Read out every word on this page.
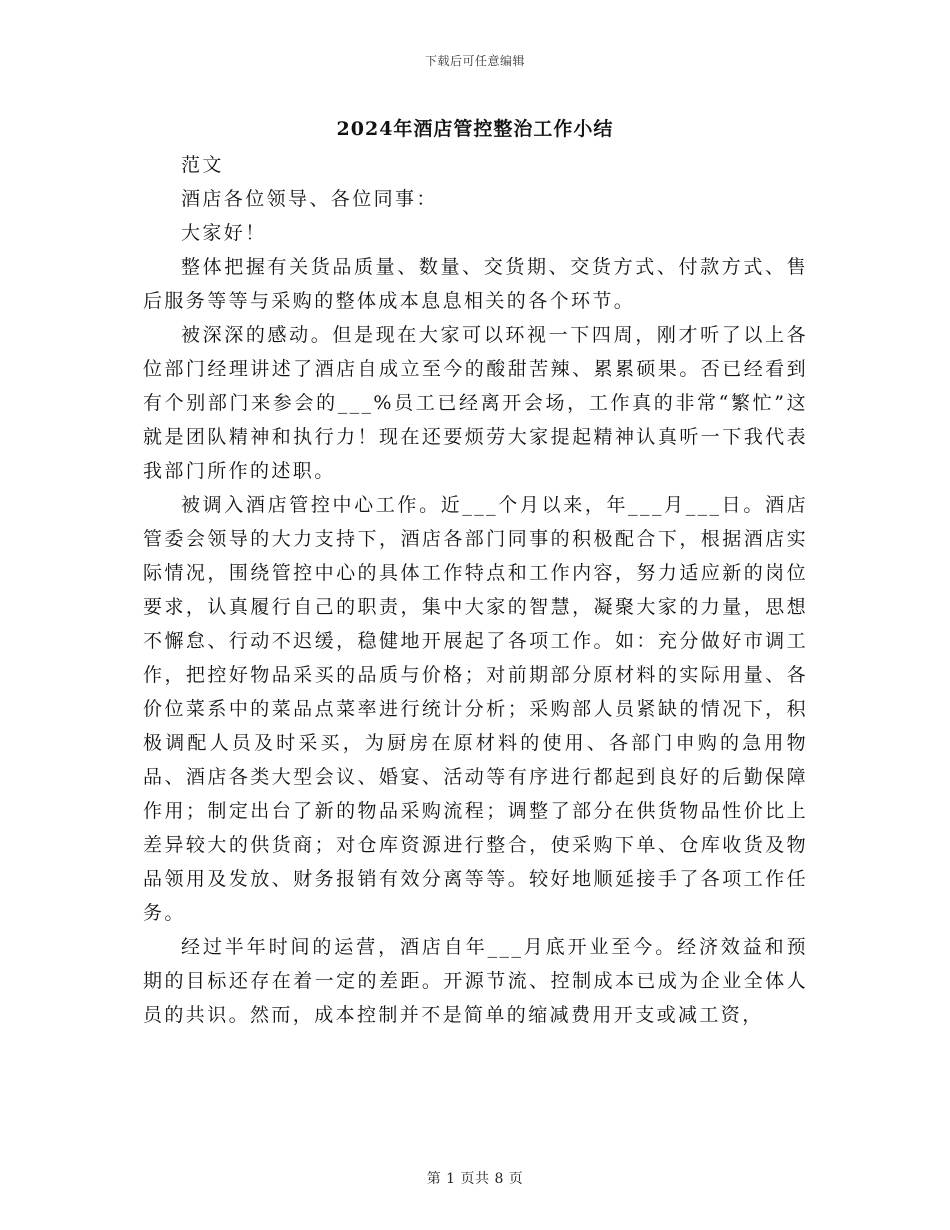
下载后可任意编辑
2024年酒店管控整治工作小结

范文

酒店各位领导、各位同事：

大家好！

整体把握有关货品质量、数量、交货期、交货方式、付款方式、售后服务等等与采购的整体成本息息相关的各个环节。

被深深的感动。但是现在大家可以环视一下四周，刚才听了以上各位部门经理讲述了酒店自成立至今的酸甜苦辣、累累硕果。否已经看到有个别部门来参会的___%员工已经离开会场，工作真的非常“繁忙”这就是团队精神和执行力！现在还要烦劳大家提起精神认真听一下我代表我部门所作的述职。

被调入酒店管控中心工作。近___个月以来，年___月___日。酒店管委会领导的大力支持下，酒店各部门同事的积极配合下，根据酒店实际情况，围绕管控中心的具体工作特点和工作内容，努力适应新的岗位要求，认真履行自己的职责，集中大家的智慧，凝聚大家的力量，思想不懈怠、行动不迟缓，稳健地开展起了各项工作。如：充分做好市调工作，把控好物品采买的品质与价格；对前期部分原材料的实际用量、各价位菜系中的菜品点菜率进行统计分析；采购部人员紧缺的情况下，积极调配人员及时采买，为厨房在原材料的使用、各部门申购的急用物品、酒店各类大型会议、婚宴、活动等有序进行都起到良好的后勤保障作用；制定出台了新的物品采购流程；调整了部分在供货物品性价比上差异较大的供货商；对仓库资源进行整合，使采购下单、仓库收货及物品领用及发放、财务报销有效分离等等。较好地顺延接手了各项工作任务。

经过半年时间的运营，酒店自年___月底开业至今。经济效益和预期的目标还存在着一定的差距。开源节流、控制成本已成为企业全体人员的共识。然而，成本控制并不是简单的缩减费用开支或减工资，

第 1 页共 8 页
